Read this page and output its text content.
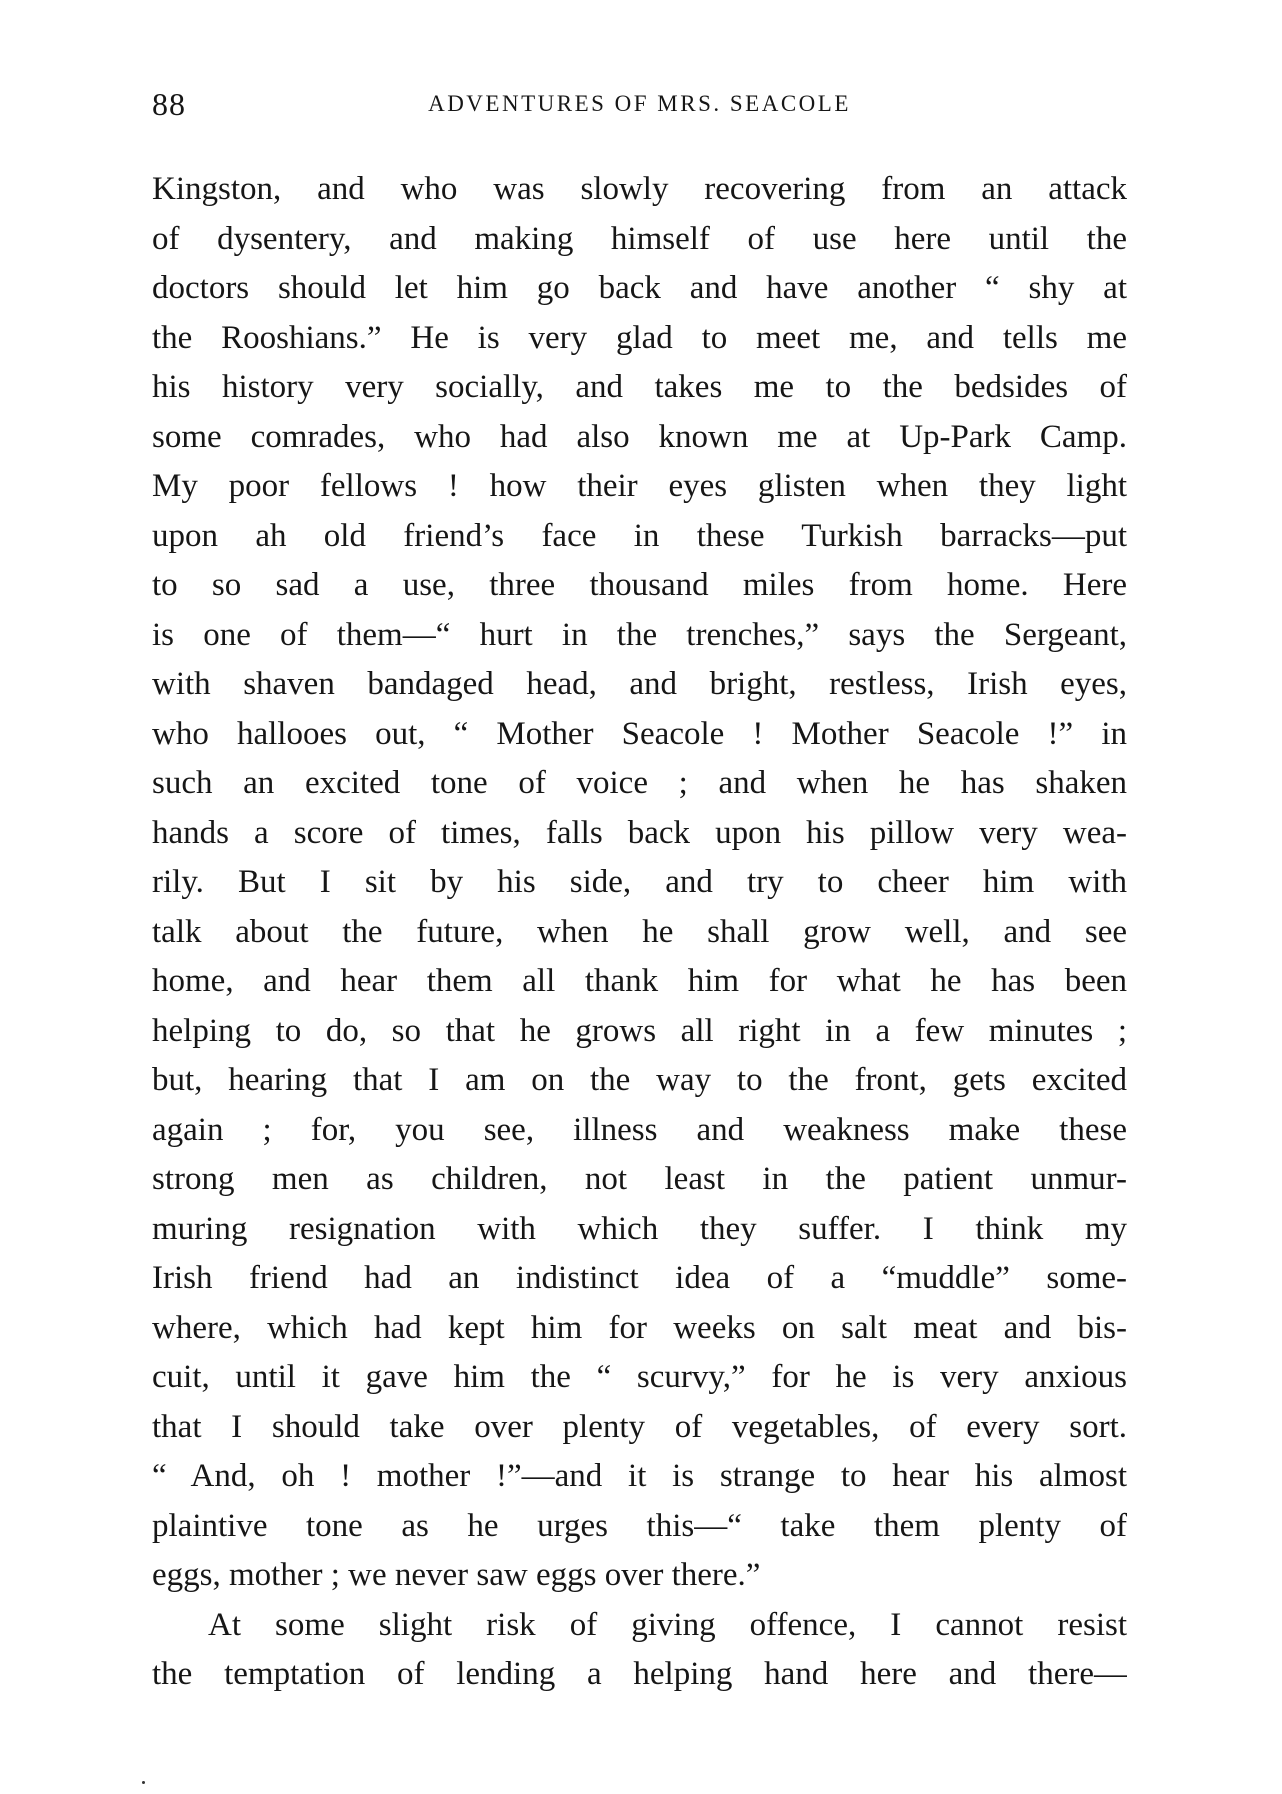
88	ADVENTURES OF MRS. SEACOLE
Kingston, and who was slowly recovering from an attack
of dysentery, and making himself of use here until the
doctors should let him go back and have another “ shy at
the Rooshians.” He is very glad to meet me, and tells me
his history very socially, and takes me to the bedsides of
some comrades, who had also known me at Up-Park Camp.
My poor fellows ! how their eyes glisten when they light
upon ah old friend’s face in these Turkish barracks—put
to so sad a use, three thousand miles from home. Here
is one of them—“ hurt in the trenches,” says the Sergeant,
with shaven bandaged head, and bright, restless, Irish eyes,
who hallooes out, “ Mother Seacole ! Mother Seacole !” in
such an excited tone of voice ; and when he has shaken
hands a score of times, falls back upon his pillow very wea-
rily. But I sit by his side, and try to cheer him with
talk about the future, when he shall grow well, and see
home, and hear them all thank him for what he has been
helping to do, so that he grows all right in a few minutes ;
but, hearing that I am on the way to the front, gets excited
again ; for, you see, illness and weakness make these
strong men as children, not least in the patient unmur-
muring resignation with which they suffer. I think my
Irish friend had an indistinct idea of a “muddle” some-
where, which had kept him for weeks on salt meat and bis-
cuit, until it gave him the “ scurvy,” for he is very anxious
that I should take over plenty of vegetables, of every sort.
“ And, oh ! mother !”—and it is strange to hear his almost
plaintive tone as he urges this—“ take them plenty of
eggs, mother ; we never saw eggs over there.”
At some slight risk of giving offence, I cannot resist
the temptation of lending a helping hand here and there—
